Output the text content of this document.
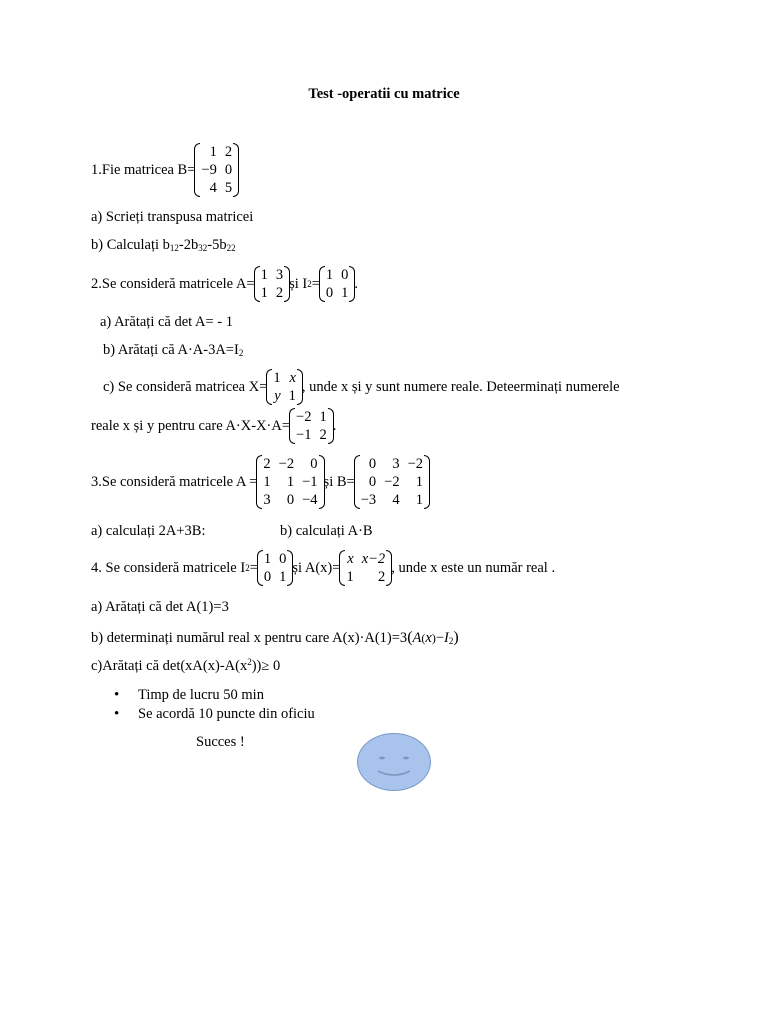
Test -operatii cu matrice
1.Fie matricea B=
1	2
−9	0
4	5
a) Scrieți transpusa matricei
b) Calculați $b_{12}-2b_{32}-5b_{22}$
2.Se consideră matricele A=
1	3
1	2
și I 2 =
1	0
0	1
.
a) Arătați că det A= - 1
b) Arătați că $A\cdot A-3A=I_2$
c) Se consideră matricea X=
1	x
y	1
, unde x și y sunt numere reale. Deteerminați numerele
reale x și y pentru care A·X-X·A=
−2	1
−1	2
.
3.Se consideră matricele A =
2	−2	0
1	1	−1
3	0	−4
și B=
0	3	−2
0	−2	1
−3	4	1
a) calculați 2A+3B:	b) calculați A·B
4. Se consideră matricele I 2 =
1	0
0	1
și A(x)=
x	x−2
1	2
, unde x este un număr real .
a) Arătați că det A(1)=3
b) determinați numărul real x pentru care $A(x)\cdot A(1)=3(A(x)-I_2)$
c)Arătați că $\det(xA(x)-A(x^2))\ge 0$
• Timp de lucru 50 min
• Se acordă 10 puncte din oficiu
Succes !
